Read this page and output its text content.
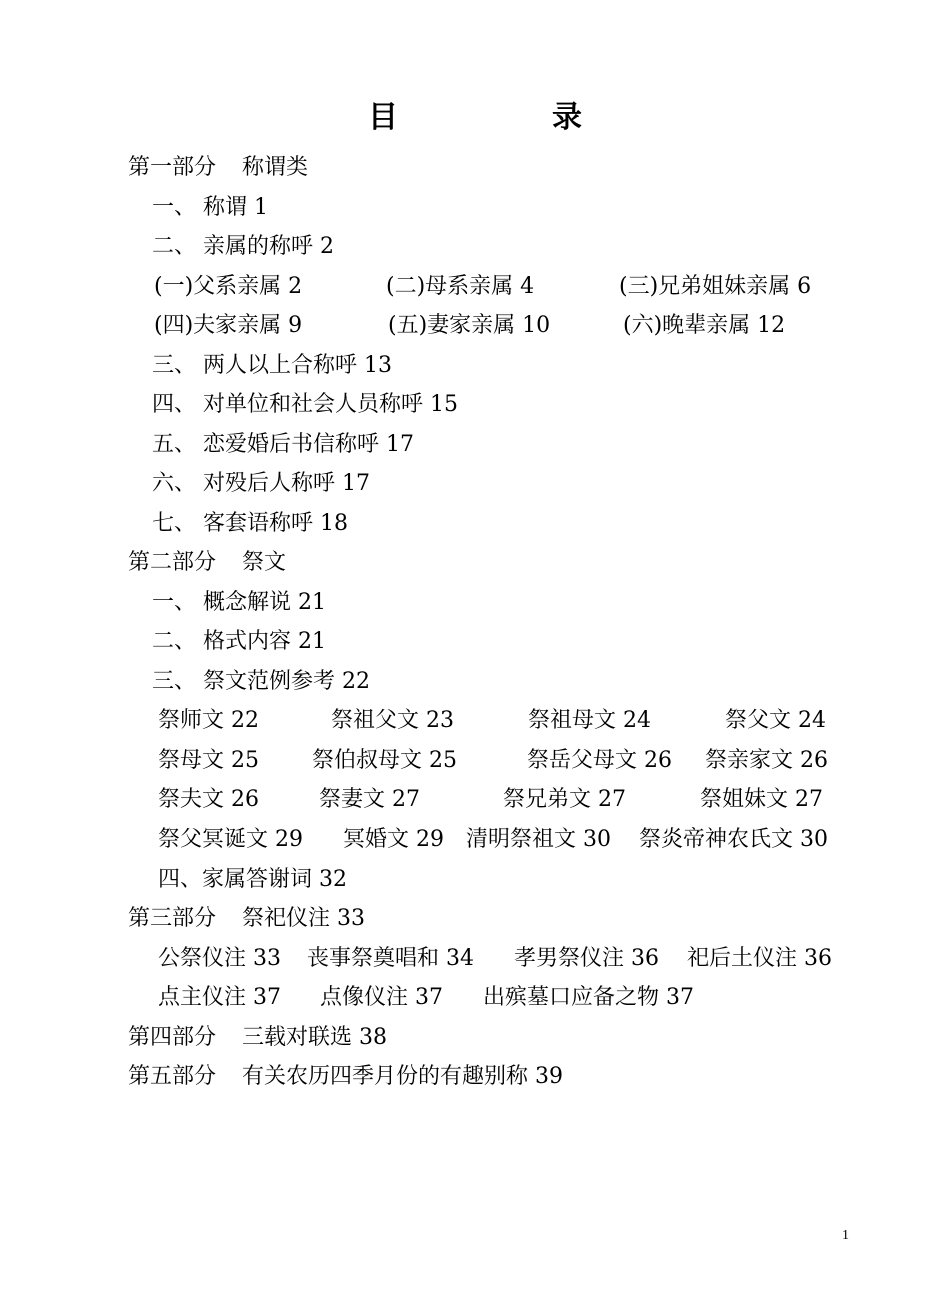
目　录
第一部分 称谓类
一、 称谓 1
二、 亲属的称呼 2
(一)父系亲属 2	(二)母系亲属 4	(三)兄弟姐妹亲属 6
(四)夫家亲属 9	(五)妻家亲属 10	(六)晚辈亲属 12
三、 两人以上合称呼 13
四、 对单位和社会人员称呼 15
五、 恋爱婚后书信称呼 17
六、 对殁后人称呼 17
七、 客套语称呼 18
第二部分 祭文
一、 概念解说 21
二、 格式内容 21
三、 祭文范例参考 22
祭师文 22	祭祖父文 23	祭祖母文 24	祭父文 24
祭母文 25 祭伯叔母文 25	祭岳父母文 26 祭亲家文 26
祭夫文 26	祭妻文 27	祭兄弟文 27	祭姐妹文 27
祭父冥诞文 29 冥婚文 29 清明祭祖文 30 祭炎帝神农氏文 30
四、家属答谢词 32
第三部分 祭祀仪注 33
公祭仪注 33 丧事祭奠唱和 34 孝男祭仪注 36 祀后土仪注 36
点主仪注 37 点像仪注 37 出殡墓口应备之物 37
第四部分 三载对联选 38
第五部分 有关农历四季月份的有趣别称 39
1
